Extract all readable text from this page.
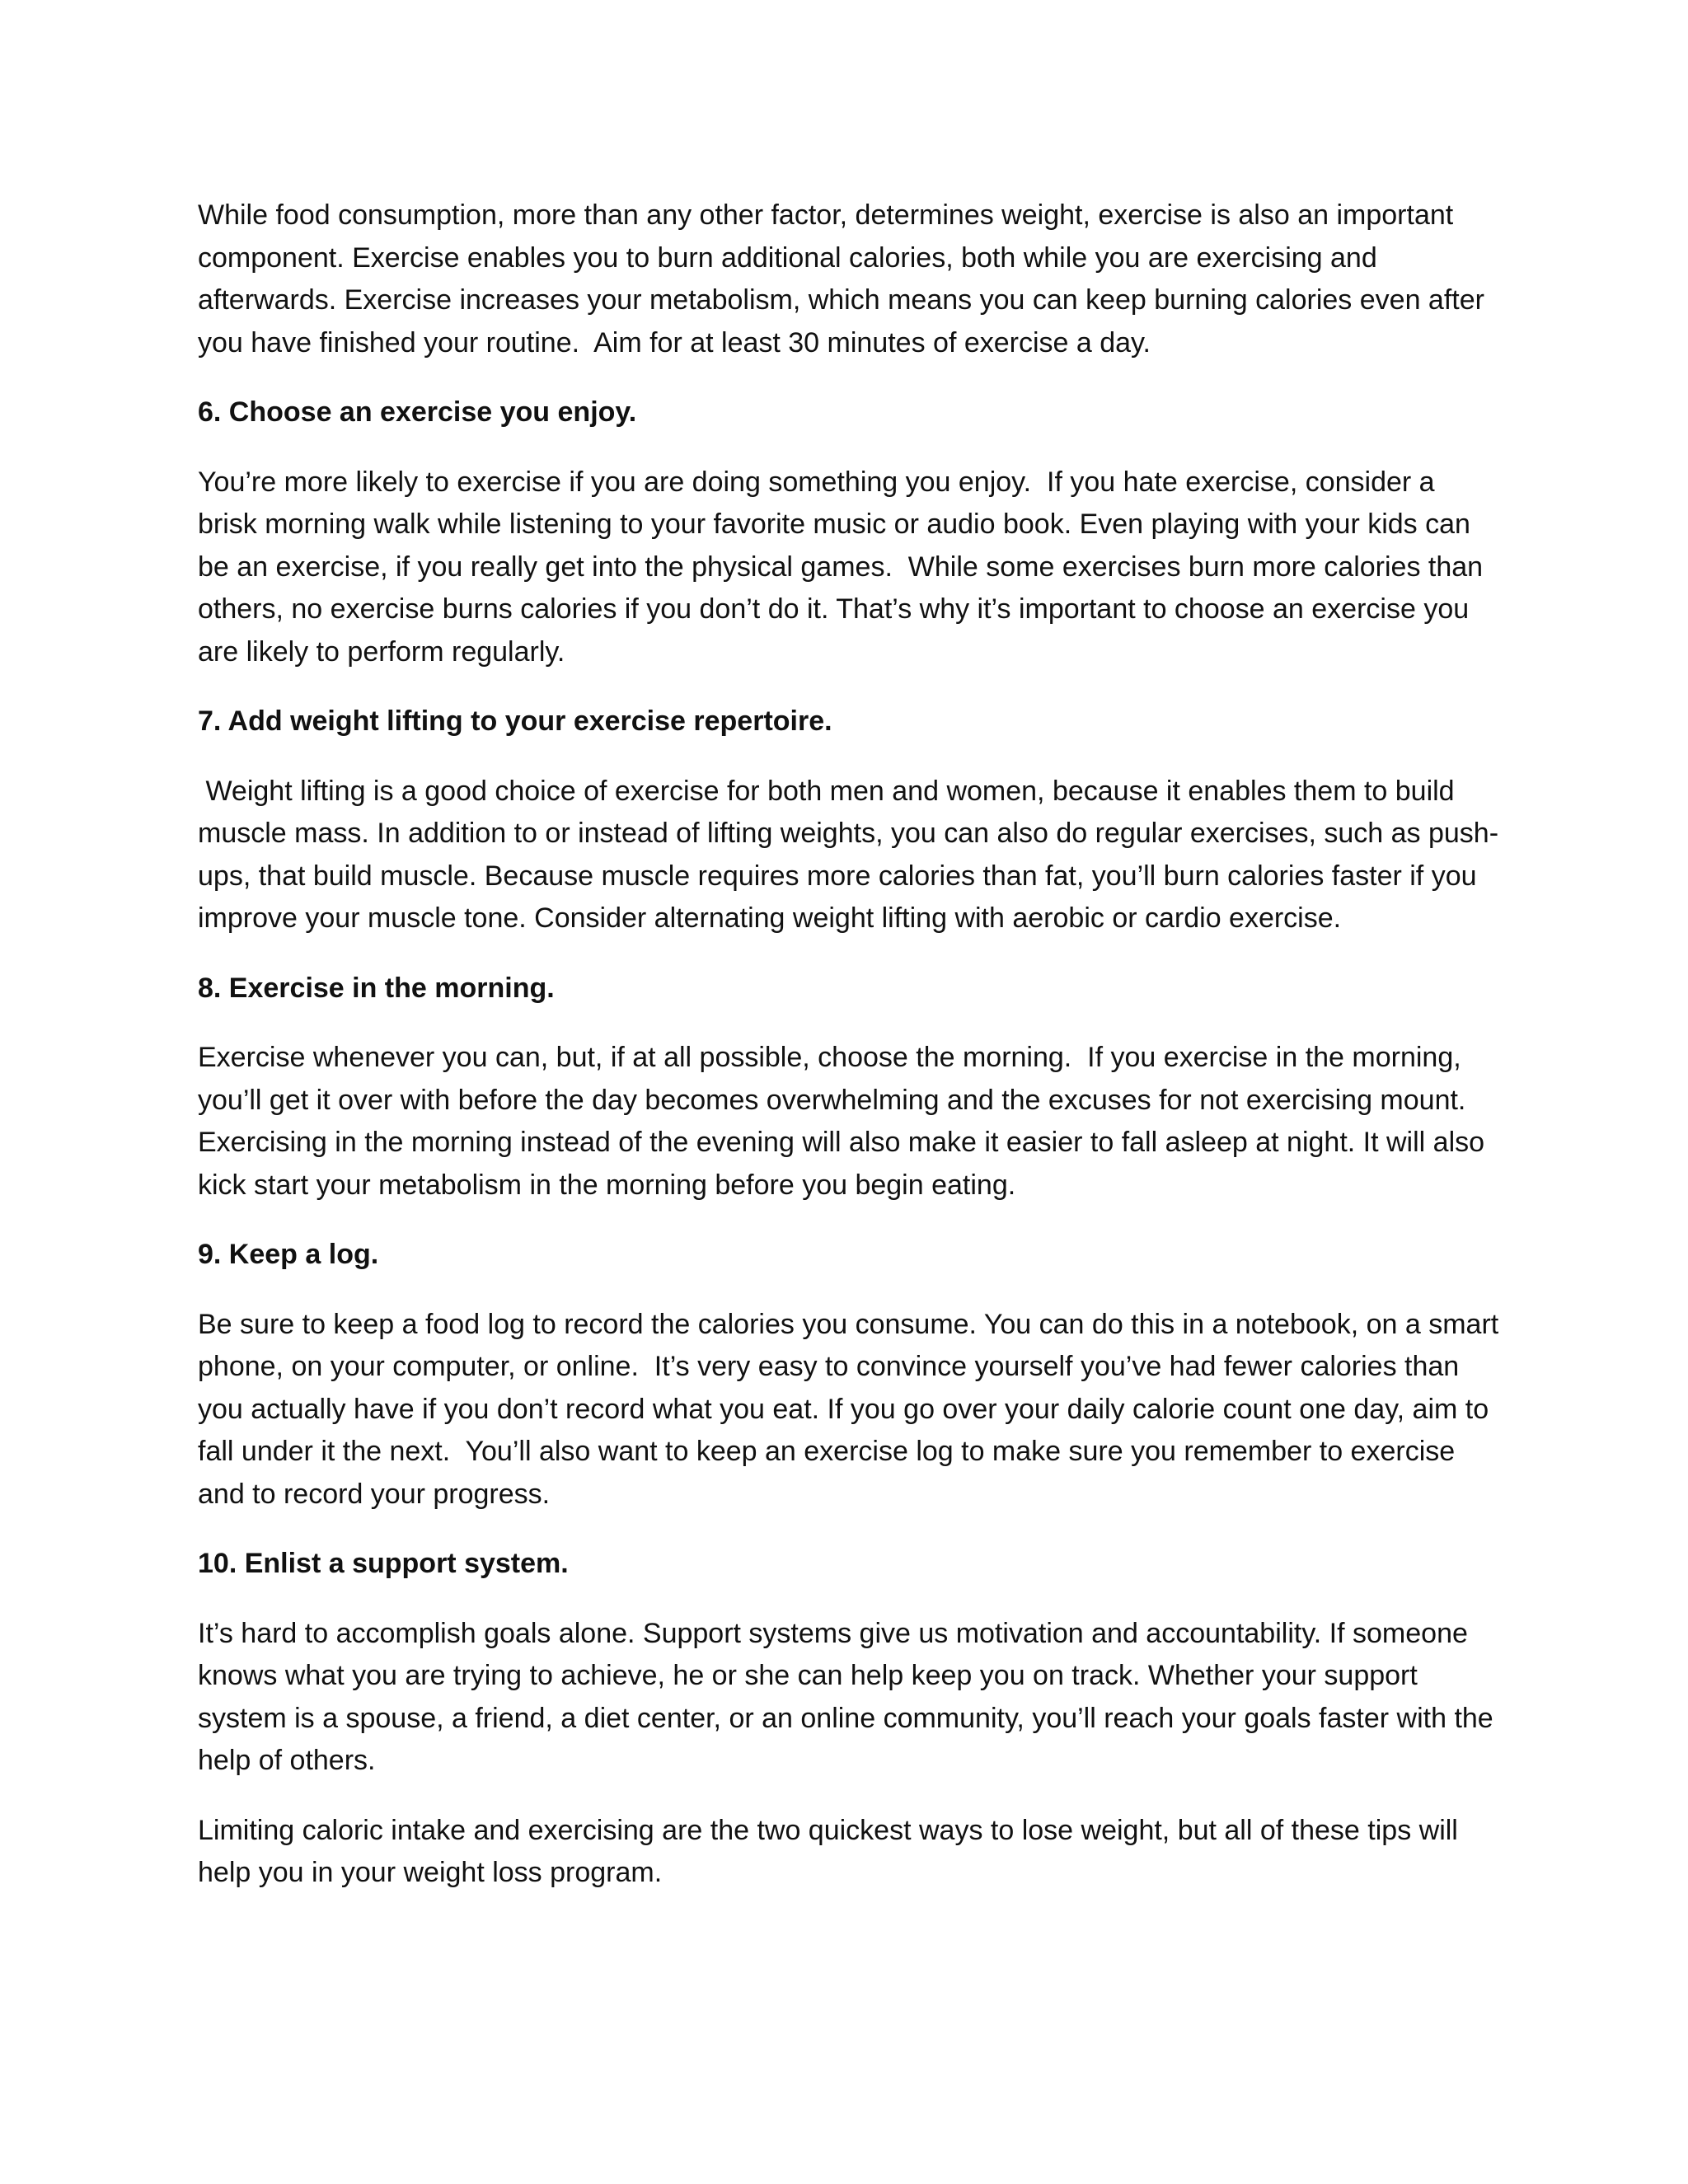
While food consumption, more than any other factor, determines weight, exercise is also an important component. Exercise enables you to burn additional calories, both while you are exercising and afterwards. Exercise increases your metabolism, which means you can keep burning calories even after you have finished your routine.  Aim for at least 30 minutes of exercise a day.

6. Choose an exercise you enjoy.

You’re more likely to exercise if you are doing something you enjoy.  If you hate exercise, consider a brisk morning walk while listening to your favorite music or audio book. Even playing with your kids can be an exercise, if you really get into the physical games.  While some exercises burn more calories than others, no exercise burns calories if you don’t do it. That’s why it’s important to choose an exercise you are likely to perform regularly.

7. Add weight lifting to your exercise repertoire.

Weight lifting is a good choice of exercise for both men and women, because it enables them to build muscle mass. In addition to or instead of lifting weights, you can also do regular exercises, such as push-ups, that build muscle. Because muscle requires more calories than fat, you’ll burn calories faster if you improve your muscle tone. Consider alternating weight lifting with aerobic or cardio exercise.

8. Exercise in the morning.

Exercise whenever you can, but, if at all possible, choose the morning.  If you exercise in the morning, you’ll get it over with before the day becomes overwhelming and the excuses for not exercising mount. Exercising in the morning instead of the evening will also make it easier to fall asleep at night. It will also kick start your metabolism in the morning before you begin eating.

9. Keep a log.

Be sure to keep a food log to record the calories you consume. You can do this in a notebook, on a smart phone, on your computer, or online.  It’s very easy to convince yourself you’ve had fewer calories than you actually have if you don’t record what you eat. If you go over your daily calorie count one day, aim to fall under it the next.  You’ll also want to keep an exercise log to make sure you remember to exercise and to record your progress.

10. Enlist a support system.

It’s hard to accomplish goals alone. Support systems give us motivation and accountability. If someone knows what you are trying to achieve, he or she can help keep you on track. Whether your support system is a spouse, a friend, a diet center, or an online community, you’ll reach your goals faster with the help of others.

Limiting caloric intake and exercising are the two quickest ways to lose weight, but all of these tips will help you in your weight loss program.
